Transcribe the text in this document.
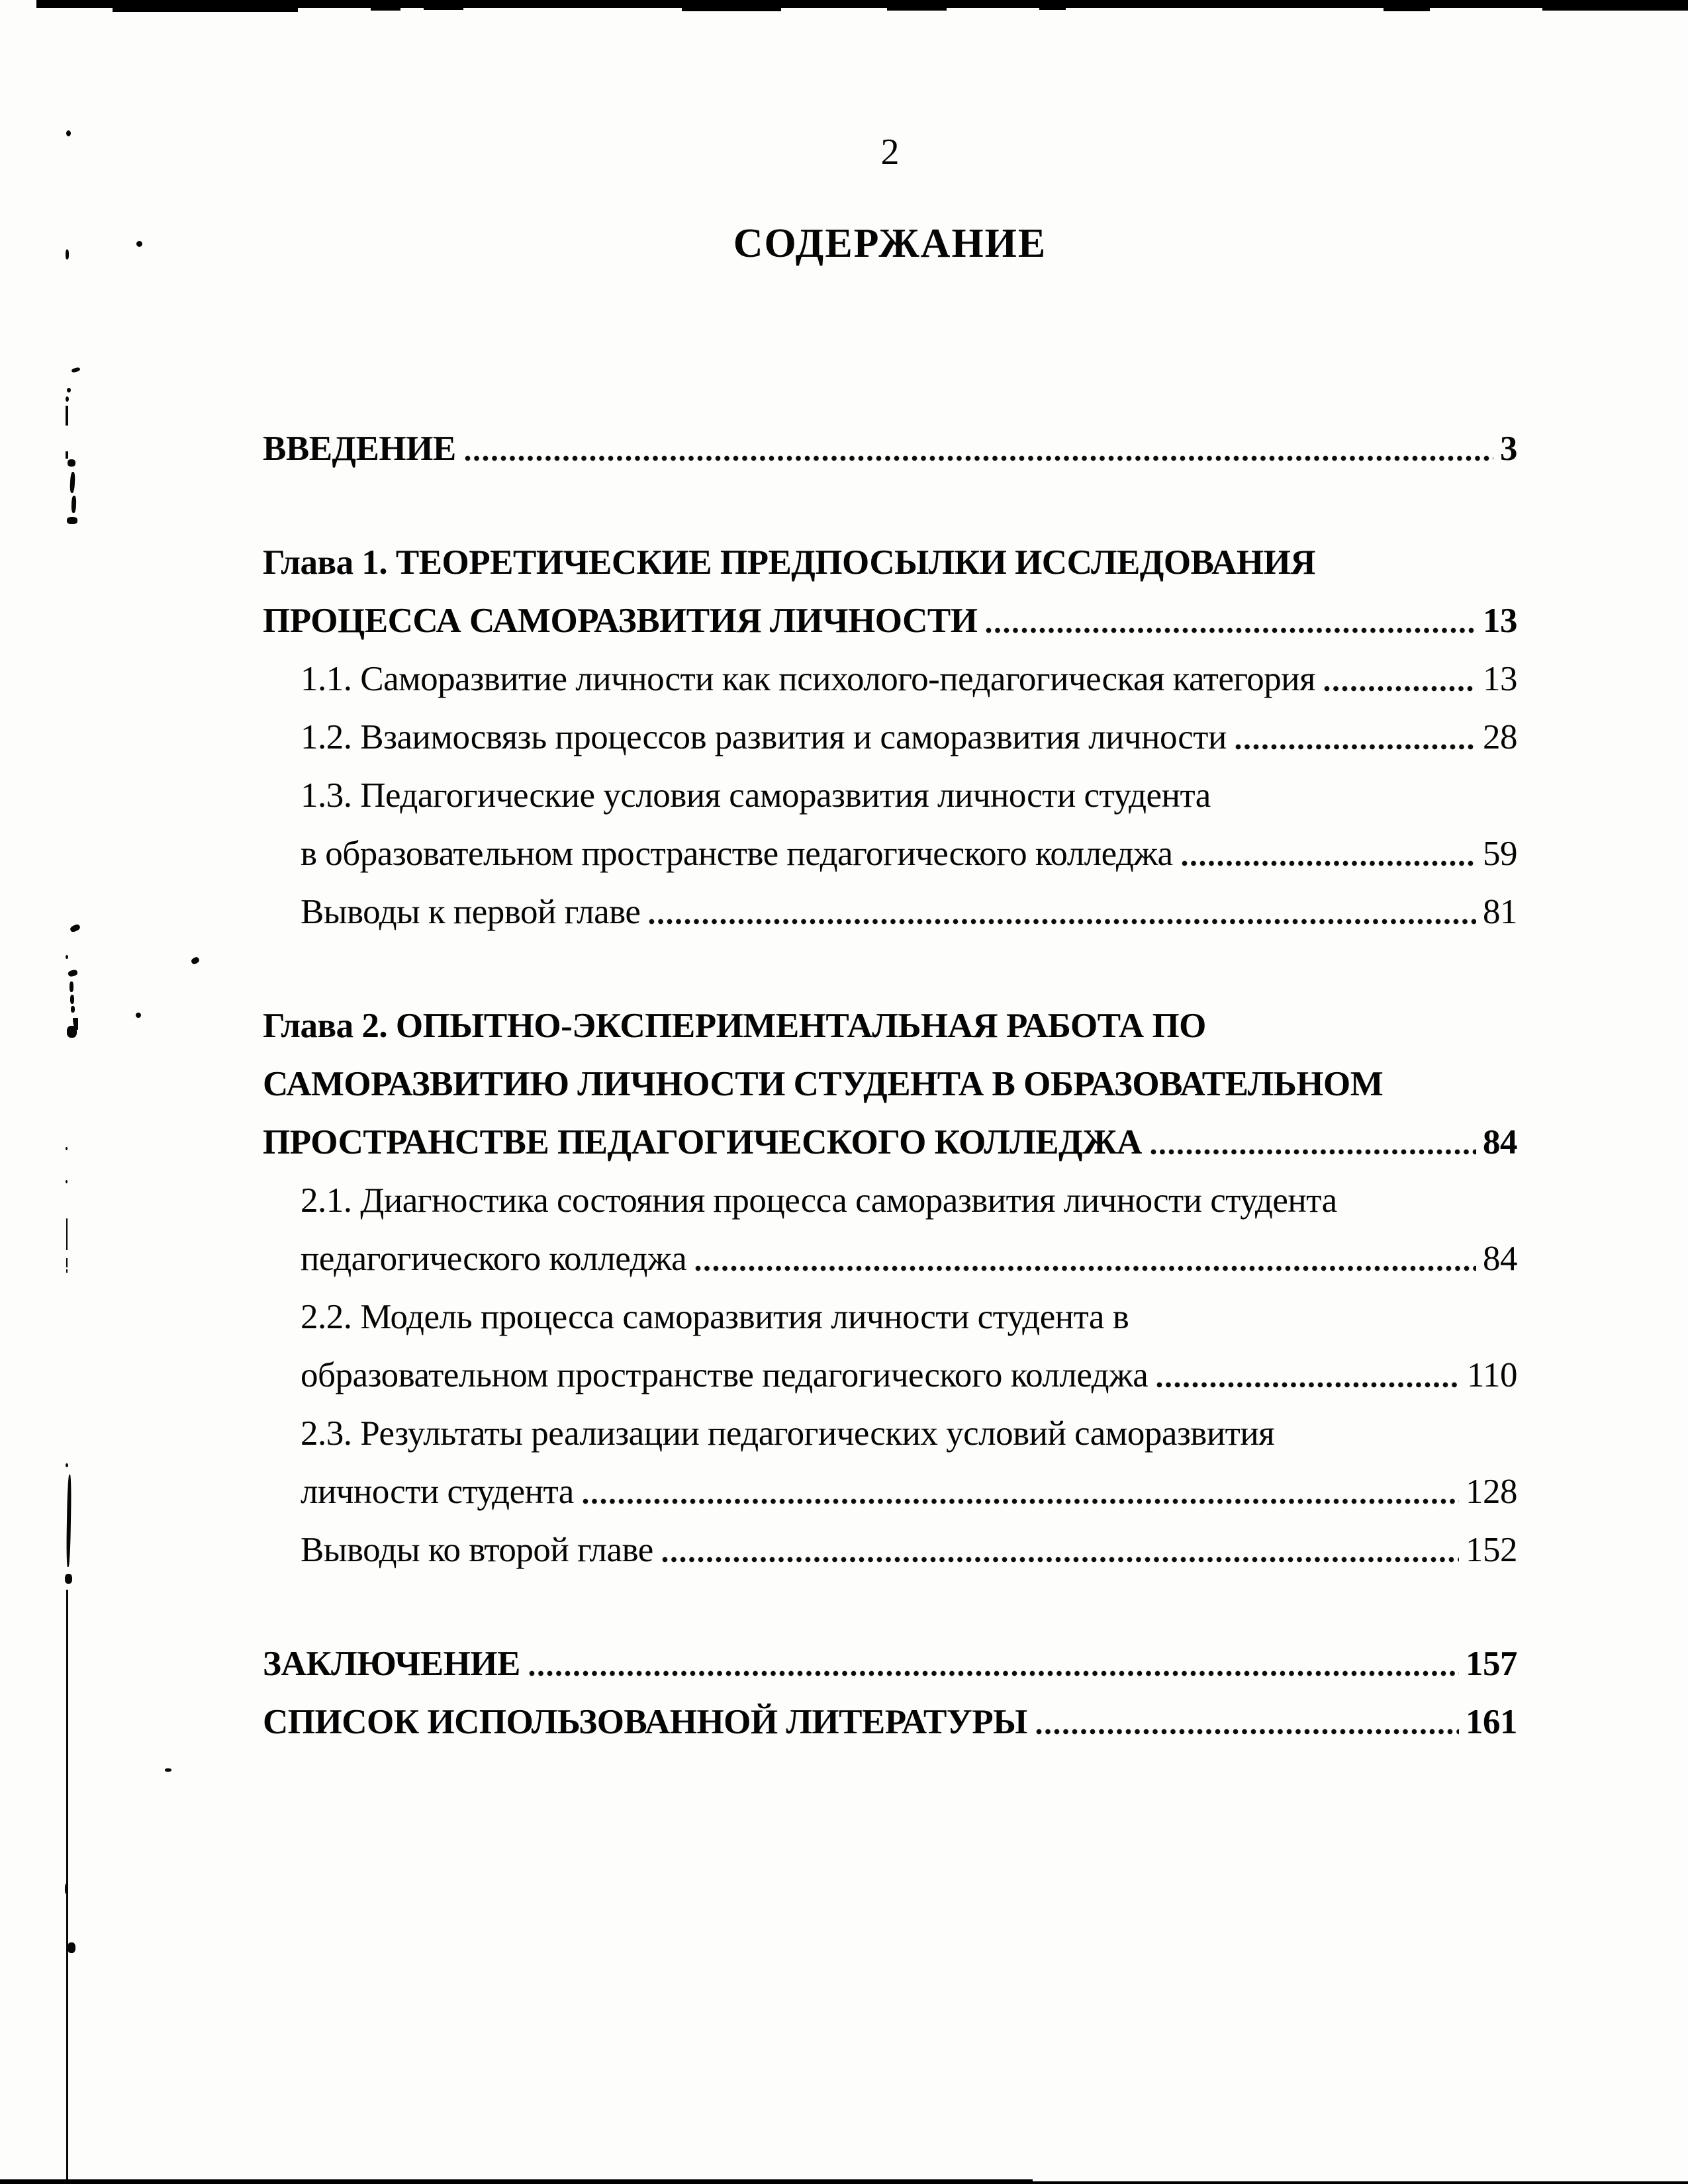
2
СОДЕРЖАНИЕ
ВВЕДЕНИЕ	3
Глава 1. ТЕОРЕТИЧЕСКИЕ ПРЕДПОСЫЛКИ ИССЛЕДОВАНИЯ
ПРОЦЕССА САМОРАЗВИТИЯ ЛИЧНОСТИ	13
1.1. Саморазвитие личности как психолого-педагогическая категория	13
1.2. Взаимосвязь процессов развития и саморазвития личности	28
1.3. Педагогические условия саморазвития личности студента
в образовательном пространстве педагогического колледжа	59
Выводы к первой главе	81
Глава 2. ОПЫТНО-ЭКСПЕРИМЕНТАЛЬНАЯ РАБОТА ПО
САМОРАЗВИТИЮ ЛИЧНОСТИ СТУДЕНТА В ОБРАЗОВАТЕЛЬНОМ
ПРОСТРАНСТВЕ ПЕДАГОГИЧЕСКОГО КОЛЛЕДЖА	84
2.1. Диагностика состояния процесса саморазвития личности студента
педагогического колледжа	84
2.2. Модель процесса саморазвития личности студента в
образовательном пространстве педагогического колледжа	110
2.3. Результаты реализации педагогических условий саморазвития
личности студента	128
Выводы ко второй главе	152
ЗАКЛЮЧЕНИЕ	157
СПИСОК ИСПОЛЬЗОВАННОЙ ЛИТЕРАТУРЫ	161
